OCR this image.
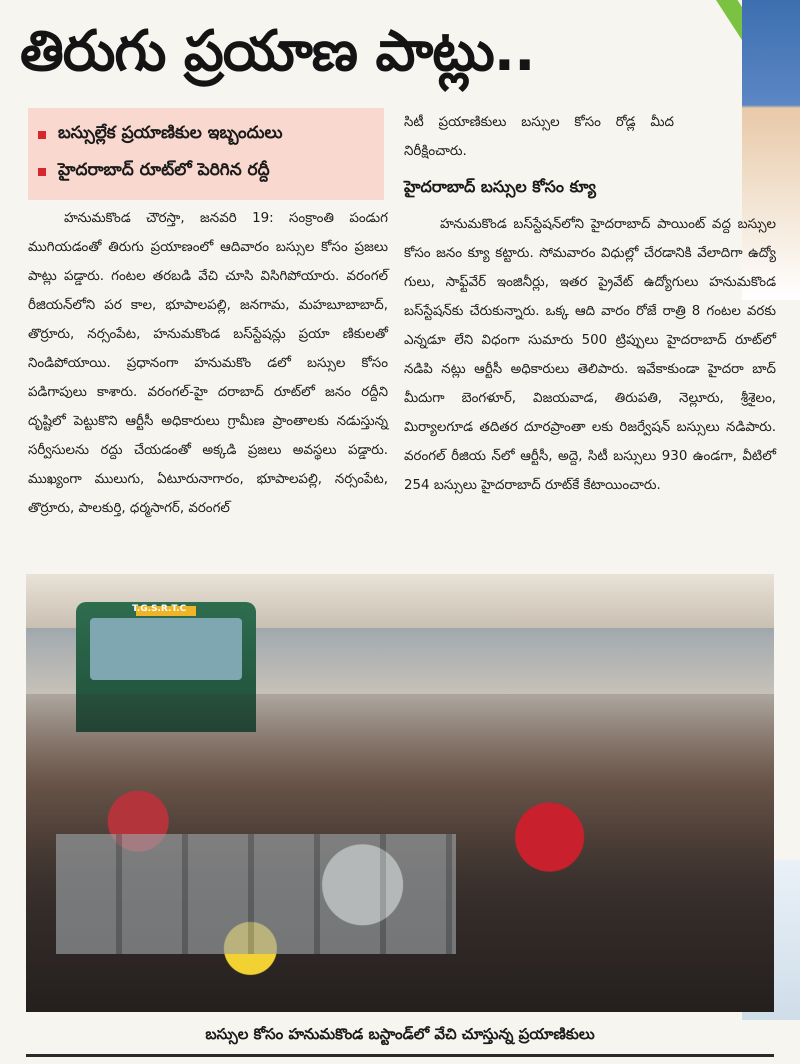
తిరుగు ప్రయాణ పాట్లు..
బస్సుల్లేక ప్రయాణికుల ఇబ్బందులు
హైదరాబాద్ రూట్‌లో పెరిగిన రద్దీ

హనుమకొండ చౌరస్తా, జనవరి 19: సంక్రాంతి పండుగ ముగియడంతో తిరుగు ప్రయాణంలో ఆదివారం బస్సుల కోసం ప్రజలు పాట్లు పడ్డారు. గంటల తరబడి వేచి చూసి విసిగిపోయారు. వరంగల్ రీజియన్‌లోని పర కాల, భూపాలపల్లి, జనగామ, మహబూబాబాద్, తొర్రూరు, నర్సంపేట, హనుమకొండ బస్‌స్టేషన్లు ప్రయా ణికులతో నిండిపోయాయి. ప్రధానంగా హనుమకొం డలో బస్సుల కోసం పడిగాపులు కాశారు. వరంగల్-హై దరాబాద్ రూట్‌లో జనం రద్దీని దృష్టిలో పెట్టుకొని ఆర్టీసీ అధికారులు గ్రామీణ ప్రాంతాలకు నడుస్తున్న సర్వీసులను రద్దు చేయడంతో అక్కడి ప్రజలు అవస్థలు పడ్డారు. ముఖ్యంగా ములుగు, ఏటూరునాగారం, భూపాలపల్లి, నర్సంపేట, తొర్రూరు, పాలకుర్తి, ధర్మసాగర్, వరంగల్

సిటీ ప్రయాణికులు బస్సుల కోసం రోడ్ల మీద నిరీక్షించారు.

హైదరాబాద్ బస్సుల కోసం క్యూ

హనుమకొండ బస్‌స్టేషన్‌లోని హైదరాబాద్ పాయింట్ వద్ద బస్సుల కోసం జనం క్యూ కట్టారు. సోమవారం విధుల్లో చేరడానికి వేలాదిగా ఉద్యో గులు, సాఫ్ట్‌వేర్ ఇంజినీర్లు, ఇతర ప్రైవేట్ ఉద్యోగులు హనుమకొండ బస్‌స్టేషన్‌కు చేరుకున్నారు. ఒక్క ఆది వారం రోజే రాత్రి 8 గంటల వరకు ఎన్నడూ లేని విధంగా సుమారు 500 ట్రిప్పులు హైదరాబాద్ రూట్‌లో నడిపి నట్లు ఆర్టీసీ అధికారులు తెలిపారు. ఇవేకాకుండా హైదరా బాద్ మీదుగా బెంగళూర్, విజయవాడ, తిరుపతి, నెల్లూరు, శ్రీశైలం, మిర్యాలగూడ తదితర దూరప్రాంతా లకు రిజర్వేషన్ బస్సులు నడిపారు. వరంగల్ రీజియ న్‌లో ఆర్టీసీ, అద్దె, సిటీ బస్సులు 930 ఉండగా, వీటిలో 254 బస్సులు హైదరాబాద్ రూట్‌కే కేటాయించారు.

T.G.S.R.T.C
బస్సుల కోసం హనుమకొండ బస్టాండ్‌లో వేచి చూస్తున్న ప్రయాణికులు
